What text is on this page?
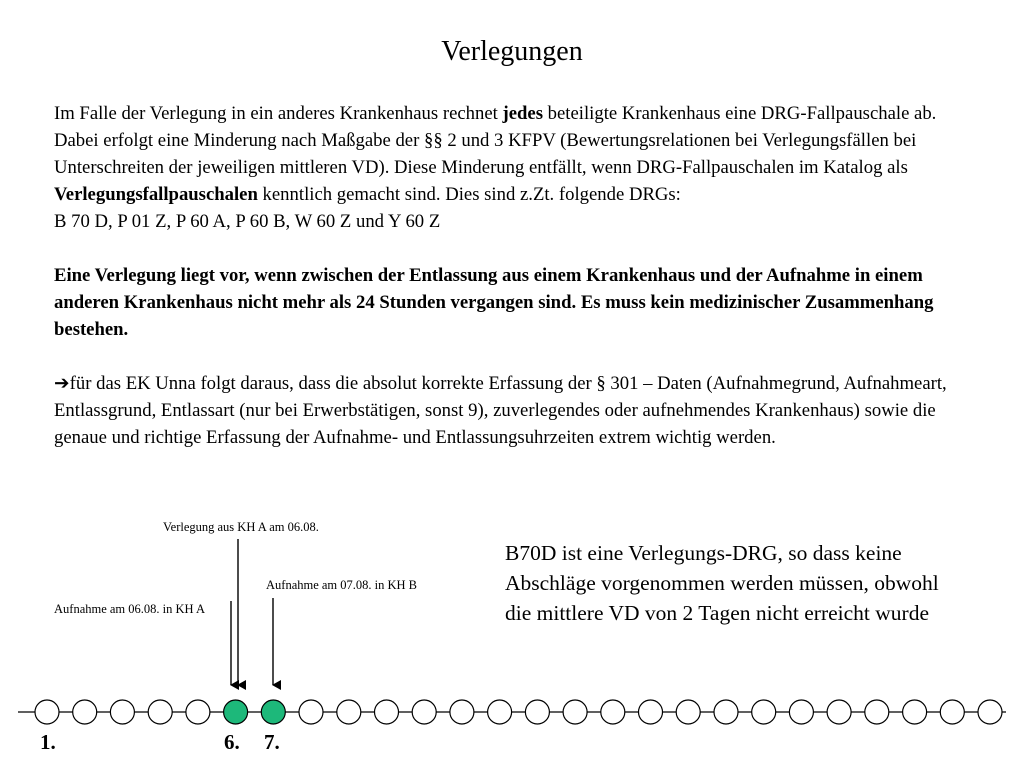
Verlegungen

Im Falle der Verlegung in ein anderes Krankenhaus rechnet jedes beteiligte Krankenhaus eine DRG-Fallpauschale ab. Dabei erfolgt eine Minderung nach Maßgabe der §§ 2 und 3 KFPV (Bewertungsrelationen bei Verlegungsfällen bei Unterschreiten der jeweiligen mittleren VD). Diese Minderung entfällt, wenn DRG-Fallpauschalen im Katalog als Verlegungsfallpauschalen kenntlich gemacht sind. Dies sind z.Zt. folgende DRGs:

B 70 D, P 01 Z, P 60 A, P 60 B, W 60 Z und Y 60 Z

Eine Verlegung liegt vor, wenn zwischen der Entlassung aus einem Krankenhaus und der Aufnahme in einem anderen Krankenhaus nicht mehr als 24 Stunden vergangen sind. Es muss kein medizinischer Zusammenhang bestehen.

➔für das EK Unna folgt daraus, dass die absolut korrekte Erfassung der § 301 – Daten (Aufnahmegrund, Aufnahmeart, Entlassgrund, Entlassart (nur bei Erwerbstätigen, sonst 9), zuverlegendes oder aufnehmendes Krankenhaus) sowie die genaue und richtige Erfassung der Aufnahme- und Entlassungsuhrzeiten extrem wichtig werden.

Verlegung aus KH A am 06.08.
Aufnahme am 07.08. in KH B
Aufnahme am 06.08. in KH A
B70D ist eine Verlegungs-DRG, so dass keine Abschläge vorgenommen werden müssen, obwohl die mittlere VD von 2 Tagen nicht erreicht wurde
1.	6. 7.
